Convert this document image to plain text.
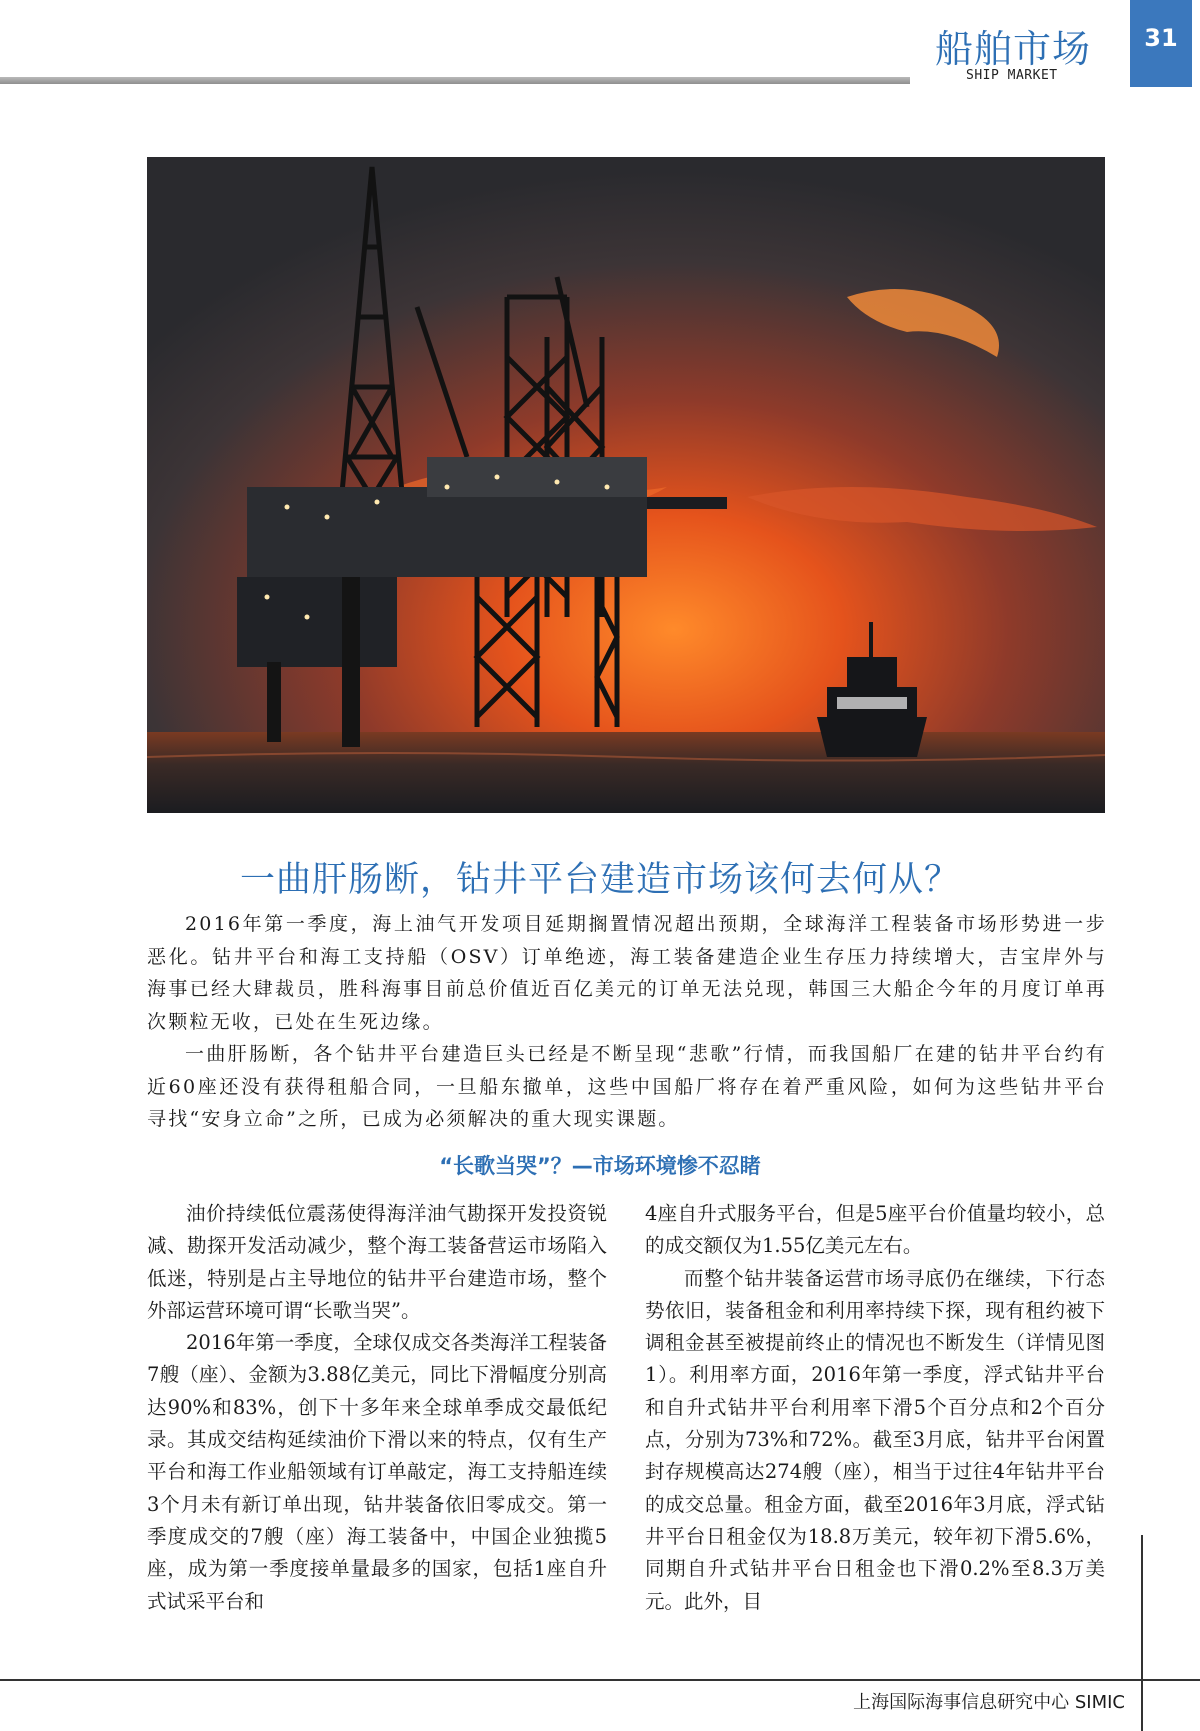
船舶市场
SHIP MARKET
31
一曲肝肠断，钻井平台建造市场该何去何从？

2016年第一季度，海上油气开发项目延期搁置情况超出预期，全球海洋工程装备市场形势进一步恶化。钻井平台和海工支持船（OSV）订单绝迹，海工装备建造企业生存压力持续增大，吉宝岸外与海事已经大肆裁员，胜科海事目前总价值近百亿美元的订单无法兑现，韩国三大船企今年的月度订单再次颗粒无收，已处在生死边缘。

一曲肝肠断，各个钻井平台建造巨头已经是不断呈现“悲歌”行情，而我国船厂在建的钻井平台约有近60座还没有获得租船合同，一旦船东撤单，这些中国船厂将存在着严重风险，如何为这些钻井平台寻找“安身立命”之所，已成为必须解决的重大现实课题。

“长歌当哭”？—市场环境惨不忍睹

油价持续低位震荡使得海洋油气勘探开发投资锐减、勘探开发活动减少，整个海工装备营运市场陷入低迷，特别是占主导地位的钻井平台建造市场，整个外部运营环境可谓“长歌当哭”。

2016年第一季度，全球仅成交各类海洋工程装备7艘（座）、金额为3.88亿美元，同比下滑幅度分别高达90%和83%，创下十多年来全球单季成交最低纪录。其成交结构延续油价下滑以来的特点，仅有生产平台和海工作业船领域有订单敲定，海工支持船连续3个月未有新订单出现，钻井装备依旧零成交。第一季度成交的7艘（座）海工装备中，中国企业独揽5座，成为第一季度接单量最多的国家，包括1座自升式试采平台和

4座自升式服务平台，但是5座平台价值量均较小，总的成交额仅为1.55亿美元左右。

而整个钻井装备运营市场寻底仍在继续，下行态势依旧，装备租金和利用率持续下探，现有租约被下调租金甚至被提前终止的情况也不断发生（详情见图1）。利用率方面，2016年第一季度，浮式钻井平台和自升式钻井平台利用率下滑5个百分点和2个百分点，分别为73%和72%。截至3月底，钻井平台闲置封存规模高达274艘（座），相当于过往4年钻井平台的成交总量。租金方面，截至2016年3月底，浮式钻井平台日租金仅为18.8万美元，较年初下滑5.6%，同期自升式钻井平台日租金也下滑0.2%至8.3万美元。此外，目

上海国际海事信息研究中心 SIMIC
